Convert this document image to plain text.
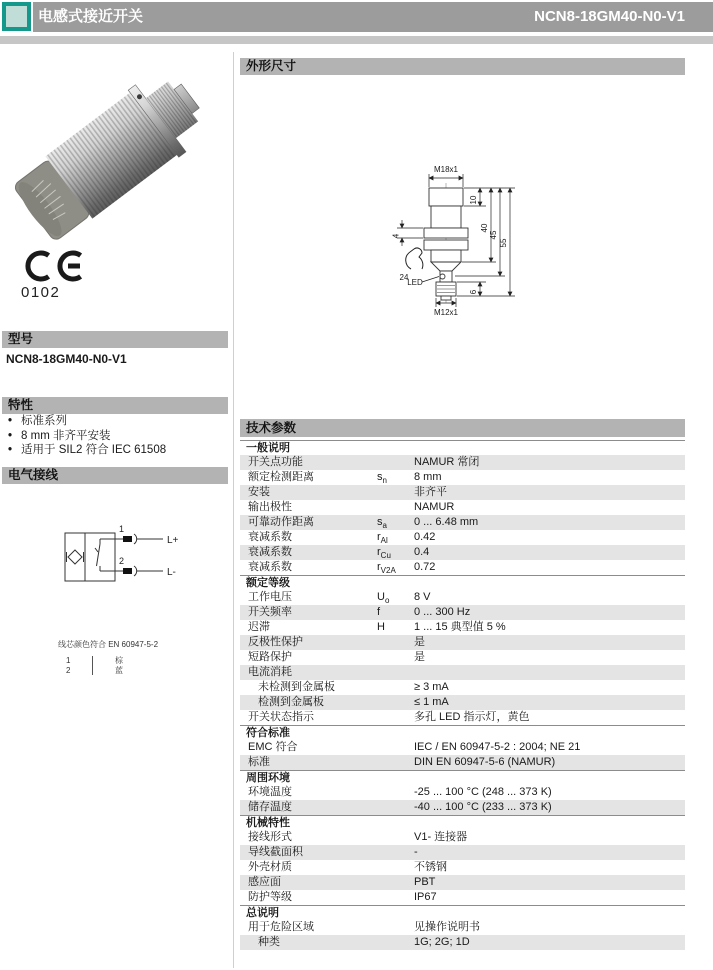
电感式接近开关	NCN8-18GM40-N0-V1
0102
型号
NCN8-18GM40-N0-V1
特性
• 标准系列
• 8 mm 非齐平安装
• 适用于 SIL2 符合 IEC 61508
电气接线
1
2
L+
L-
线芯颜色符合 EN 60947-5-2
1	棕
2	蓝
外形尺寸
M18x1
10
40
45
55
4
6
24
LED
M12x1
技术参数
一般说明
开关点功能	NAMUR 常闭
额定检测距离	$s_n$	8 mm
安装	非齐平
输出极性	NAMUR
可靠动作距离	$s_a$	0 ... 6.48 mm
衰减系数	$r_{Al}$	0.42
衰减系数	$r_{Cu}$	0.4
衰减系数	$r_{V2A}$	0.72
额定等级
工作电压	$U_o$	8 V
开关频率	f	0 ... 300 Hz
迟滞	H	1 ... 15 典型值 5 %
反极性保护	是
短路保护	是
电流消耗
未检测到金属板	≥ 3 mA
检测到金属板	≤ 1 mA
开关状态指示	多孔 LED 指示灯，黄色
符合标准
EMC 符合	IEC / EN 60947-5-2 : 2004; NE 21
标准	DIN EN 60947-5-6 (NAMUR)
周围环境
环境温度	-25 ... 100 °C (248 ... 373 K)
储存温度	-40 ... 100 °C (233 ... 373 K)
机械特性
接线形式	V1- 连接器
导线截面积	-
外壳材质	不锈钢
感应面	PBT
防护等级	IP67
总说明
用于危险区域	见操作说明书
种类	1G; 2G; 1D
